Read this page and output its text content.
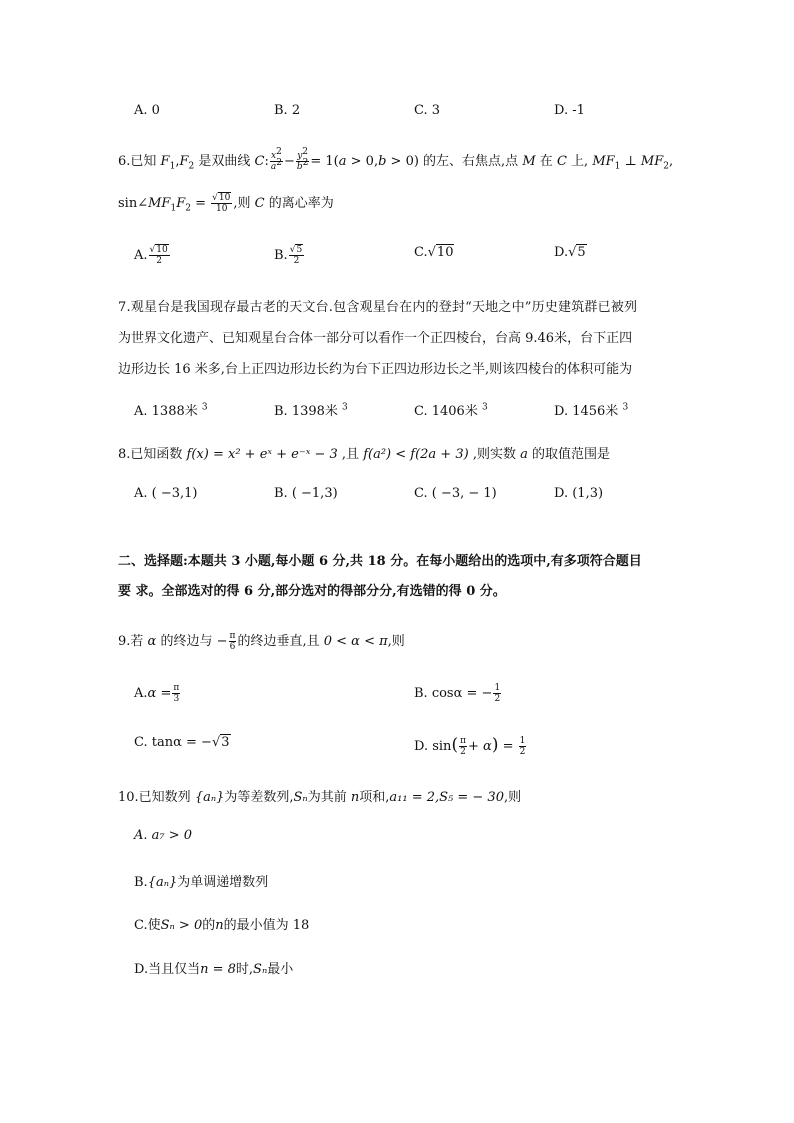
A. 0	B. 2	C. 3	D. -1
6.已知 $F_1,F_2$ 是双曲线 C: $\frac{x^2}{a^2} - \frac{y^2}{b^2} = 1(a > 0,b > 0)$ 的左、右焦点,点 M 在 C 上, $MF_1$ ⊥ $MF_2$,
$\sin\angle MF_1F_2 = \frac{√10}{10}$ ,则 C 的离心率为
A. $\frac{√10}{2}$	B. $\frac{√5}{2}$	C.√10	D.√5
7.观星台是我国现存最古老的天文台.包含观星台在内的登封“天地之中”历史建筑群已被列
为世界文化遗产、已知观星台合体一部分可以看作一个正四棱台，台高 9.46米，台下正四
边形边长 16 米多,台上正四边形边长约为台下正四边形边长之半,则该四棱台的体积可能为
A. 1388米 $^3$	B. 1398米 $^3$	C. 1406米 $^3$	D. 1456米 $^3$
8.已知函数 f(x) = x² + eˣ + e⁻ˣ − 3 ,且 f(a²) < f(2a + 3) ,则实数 a 的取值范围是
A. ( −3,1)	B. ( −1,3)	C. ( −3, − 1)	D. (1,3)
二、选择题:本题共 3 小题,每小题 6 分,共 18 分。在每小题给出的选项中,有多项符合题目
要 求。全部选对的得 6 分,部分选对的得部分分,有选错的得 0 分。
9.若 α 的终边与 − $\frac{\pi}{6}$ 的终边垂直,且 0 < α < π,则
$A.\alpha = \frac{\pi}{3}$	B. cosα = − $\frac{1}{2}$
C. tanα = −√3	D. $\sin( \frac{\pi}{2} + \alpha) = \frac{1}{2}$
10.已知数列 {aₙ}为等差数列,Sₙ为其前 n项和,a₁₁ = 2,S₅ = − 30,则
A. a₇ > 0
B.{aₙ}为单调递增数列
C.使Sₙ > 0的n的最小值为 18
D.当且仅当n = 8时,Sₙ最小
